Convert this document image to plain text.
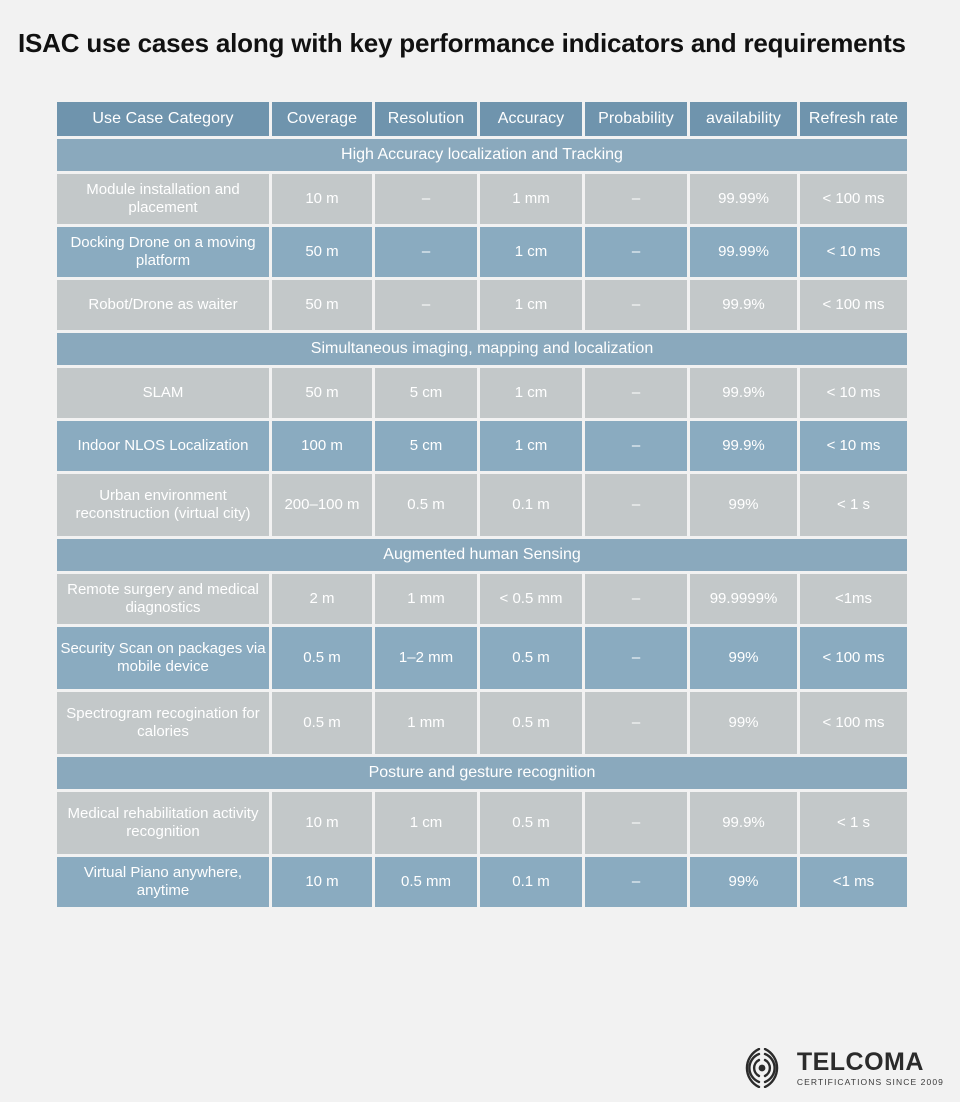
ISAC use cases along with key performance indicators and requirements
Use Case Category	Coverage	Resolution	Accuracy	Probability	availability	Refresh rate
High Accuracy localization and Tracking						
Module installation and placement	10 m	–	1 mm	–	99.99%	< 100 ms
Docking Drone on a moving platform	50 m	–	1 cm	–	99.99%	< 10 ms
Robot/Drone as waiter	50 m	–	1 cm	–	99.9%	< 100 ms
Simultaneous imaging, mapping and localization						
SLAM	50 m	5 cm	1 cm	–	99.9%	< 10 ms
Indoor NLOS Localization	100 m	5 cm	1 cm	–	99.9%	< 10 ms
Urban environment reconstruction (virtual city)	200–100 m	0.5 m	0.1 m	–	99%	< 1 s
Augmented human Sensing						
Remote surgery and medical diagnostics	2 m	1 mm	< 0.5 mm	–	99.9999%	<1ms
Security Scan on packages via mobile device	0.5 m	1–2 mm	0.5 m	–	99%	< 100 ms
Spectrogram recogination for calories	0.5 m	1 mm	0.5 m	–	99%	< 100 ms
Posture and gesture recognition						
Medical rehabilitation activity recognition	10 m	1 cm	0.5 m	–	99.9%	< 1 s
Virtual Piano anywhere, anytime	10 m	0.5 mm	0.1 m	–	99%	<1 ms
TELCOMA
CERTIFICATIONS SINCE 2009
